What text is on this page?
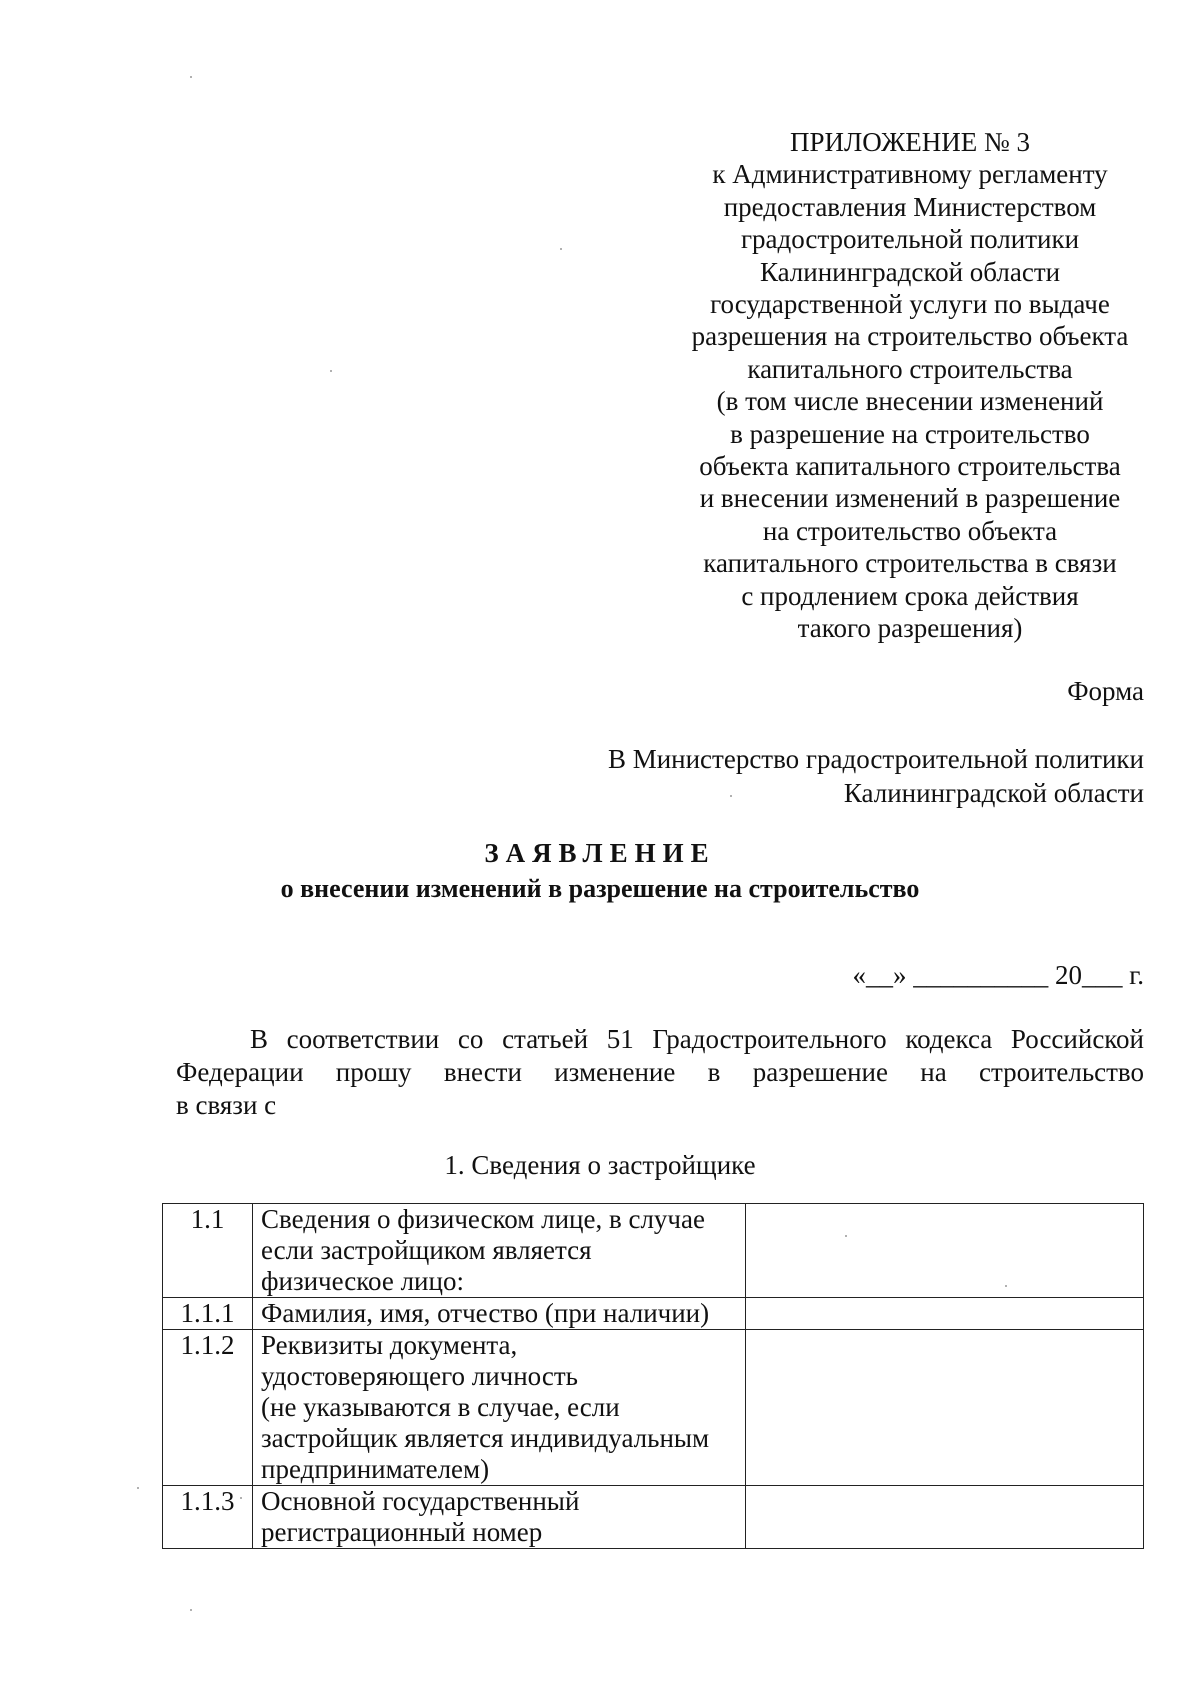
ПРИЛОЖЕНИЕ № 3
к Административному регламенту
предоставления Министерством
градостроительной политики
Калининградской области
государственной услуги по выдаче
разрешения на строительство объекта
капитального строительства
(в том числе внесении изменений
в разрешение на строительство
объекта капитального строительства
и внесении изменений в разрешение
на строительство объекта
капитального строительства в связи
с продлением срока действия
такого разрешения)
Форма
В Министерство градостроительной политики
Калининградской области
ЗАЯВЛЕНИЕ
о внесении изменений в разрешение на строительство
«__» __________ 20___ г.
В соответствии со статьей 51 Градостроительного кодекса Российской
Федерации прошу внести изменение в разрешение на строительство
в связи с
1. Сведения о застройщике
1.1	Сведения о физическом лице, в случае
если застройщиком является
физическое лицо:	

1.1.1	Фамилия, имя, отчество (при наличии)	

1.1.2	Реквизиты документа,
удостоверяющего личность
(не указываются в случае, если
застройщик является индивидуальным
предпринимателем)	

1.1.3	Основной государственный
регистрационный номер	
